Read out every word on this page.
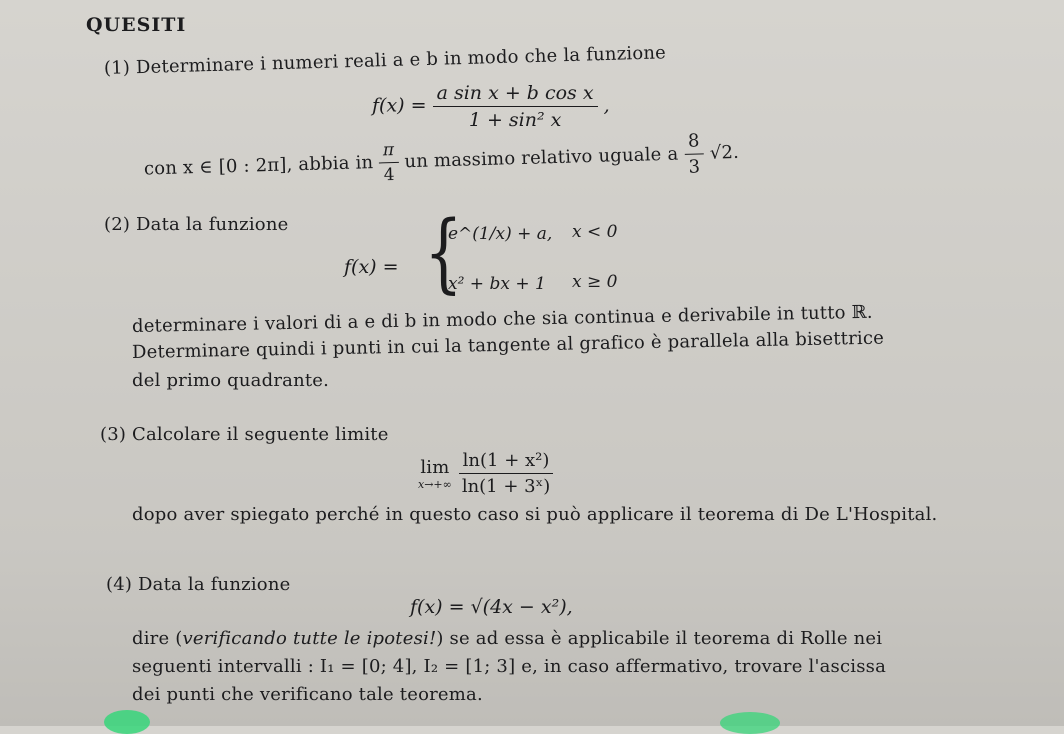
QUESITI
(1) Determinare i numeri reali a e b in modo che la funzione
$f(x) = \frac{\text{a sin x + b cos x}}{\text{1 + sin² x}}$ ,
con x ∈ [0 : 2π], abbia in $\frac{\pi}{4}$ un massimo relativo uguale a $\frac{8}{3} √2$.
(2) Data la funzione
f(x) = {
e^(1/x) + a, x < 0
x² + bx + 1 x ≥ 0
determinare i valori di a e di b in modo che sia continua e derivabile in tutto ℝ.
Determinare quindi i punti in cui la tangente al grafico è parallela alla bisettrice
del primo quadrante.
(3) Calcolare il seguente limite
lim
$x\to+\infty \frac{\text{ln(1 + x²)}}{\text{ln(1 + 3ˣ)}}$
dopo aver spiegato perché in questo caso si può applicare il teorema di De L'Hospital.
(4) Data la funzione
f(x) = √(4x − x²),
dire (verificando tutte le ipotesi!) se ad essa è applicabile il teorema di Rolle nei
seguenti intervalli : I₁ = [0; 4], I₂ = [1; 3] e, in caso affermativo, trovare l'ascissa
dei punti che verificano tale teorema.
